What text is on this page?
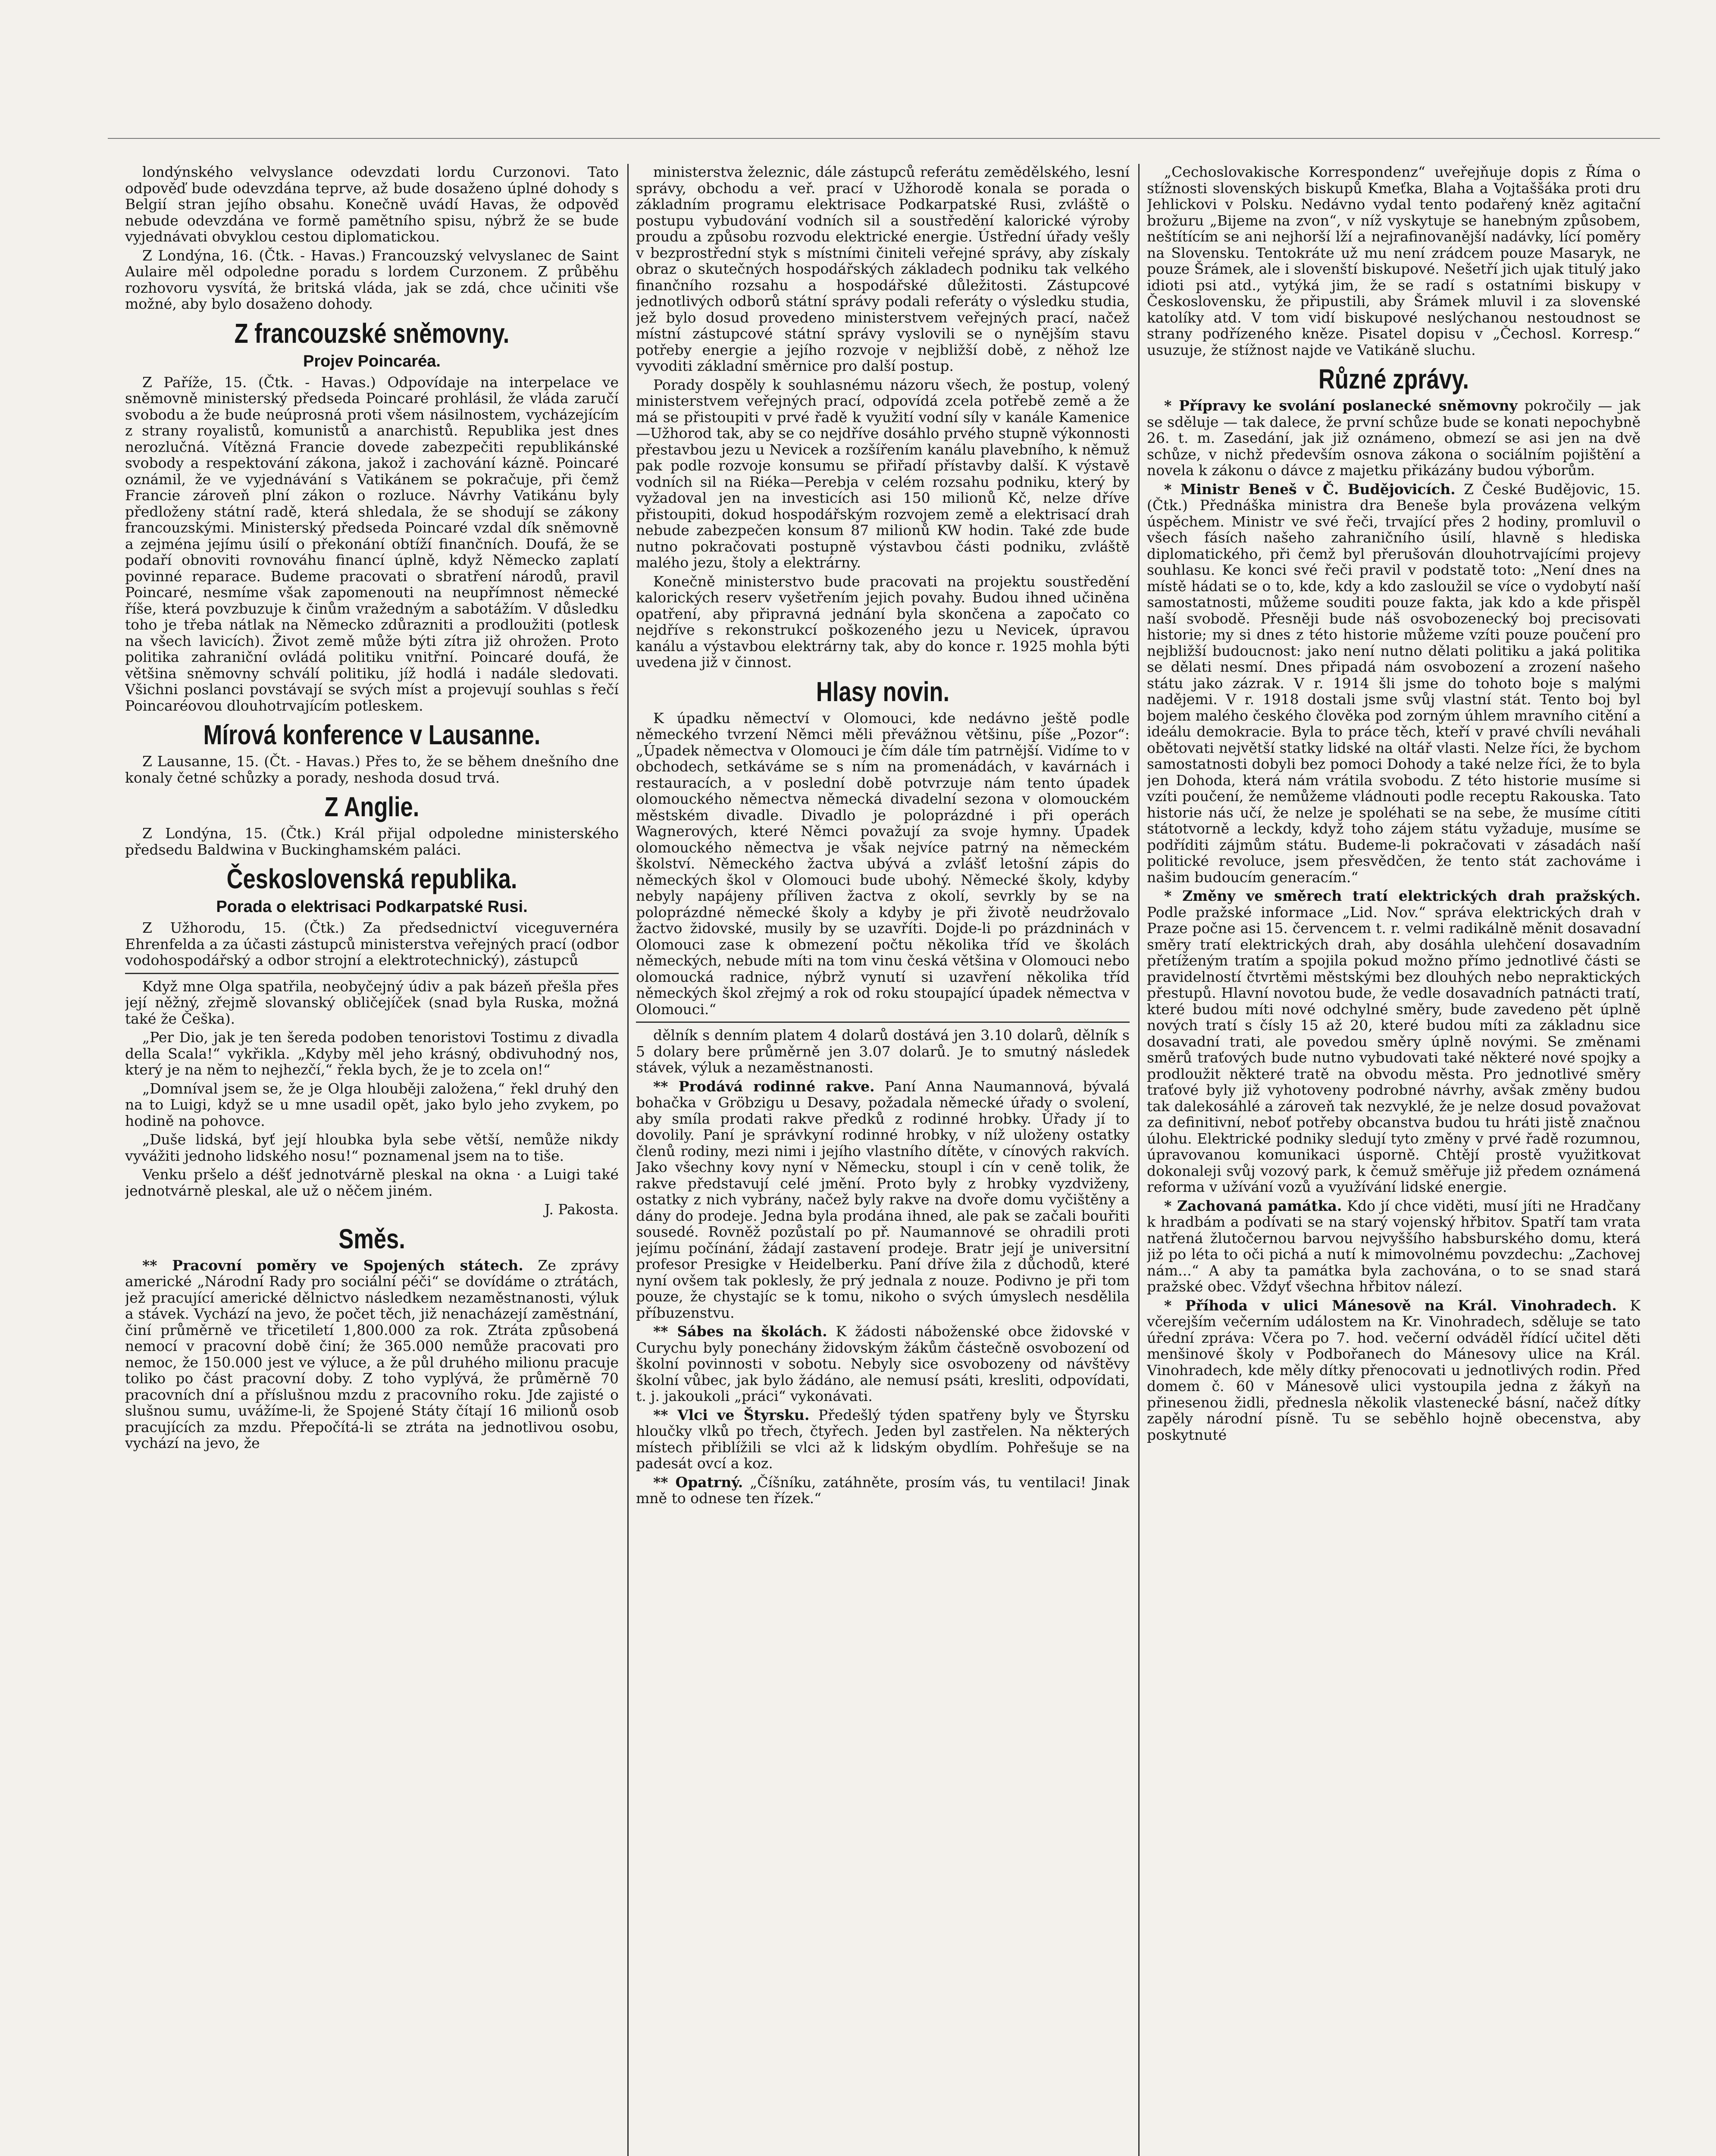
londýnského velvyslance odevzdati lordu Curzonovi. Tato odpověď bude odevzdána teprve, až bude dosaženo úplné dohody s Belgií stran jejího obsahu. Konečně uvádí Havas, že odpověď nebude odevzdána ve formě pamětního spisu, nýbrž že se bude vyjednávati obvyklou cestou diplomatickou.

Z Londýna, 16. (Čtk. - Havas.) Francouzský velvyslanec de Saint Aulaire měl odpoledne poradu s lordem Curzonem. Z průběhu rozhovoru vysvítá, že britská vláda, jak se zdá, chce učiniti vše možné, aby bylo dosaženo dohody.

Z francouzské sněmovny.
Projev Poincaréa.

Z Paříže, 15. (Čtk. - Havas.) Odpovídaje na interpelace ve sněmovně ministerský předseda Poincaré prohlásil, že vláda zaručí svobodu a že bude neúprosná proti všem násilnostem, vycházejícím z strany royalistů, komunistů a anarchistů. Republika jest dnes nerozlučná. Vítězná Francie dovede zabezpečiti republikánské svobody a respektování zákona, jakož i zachování kázně. Poincaré oznámil, že ve vyjednávání s Vatikánem se pokračuje, při čemž Francie zároveň plní zákon o rozluce. Návrhy Vatikánu byly předloženy státní radě, která shledala, že se shodují se zákony francouzskými. Ministerský předseda Poincaré vzdal dík sněmovně a zejména jejímu úsilí o překonání obtíží finančních. Doufá, že se podaří obnoviti rovnováhu financí úplně, když Německo zaplatí povinné reparace. Budeme pracovati o sbratření národů, pravil Poincaré, nesmíme však zapomenouti na neupřímnost německé říše, která povzbuzuje k činům vražedným a sabotážím. V důsledku toho je třeba nátlak na Německo zdůrazniti a prodloužiti (potlesk na všech lavicích). Život země může býti zítra již ohrožen. Proto politika zahraniční ovládá politiku vnitřní. Poincaré doufá, že většina sněmovny schválí politiku, jíž hodlá i nadále sledovati. Všichni poslanci povstávají se svých míst a projevují souhlas s řečí Poincaréovou dlouhotrvajícím potleskem.

Mírová konference v Lausanne.

Z Lausanne, 15. (Čt. - Havas.) Přes to, že se během dnešního dne konaly četné schůzky a porady, neshoda dosud trvá.

Z Anglie.

Z Londýna, 15. (Čtk.) Král přijal odpoledne ministerského předsedu Baldwina v Buckinghamském paláci.

Československá republika.
Porada o elektrisaci Podkarpatské Rusi.

Z Užhorodu, 15. (Čtk.) Za předsednictví viceguvernéra Ehrenfelda a za účasti zástupců ministerstva veřejných prací (odbor vodohospodářský a odbor strojní a elektrotechnický), zástupců

Když mne Olga spatřila, neobyčejný údiv a pak bázeň přešla přes její něžný, zřejmě slovanský obličejíček (snad byla Ruska, možná také že Češka).

„Per Dio, jak je ten šereda podoben tenoristovi Tostimu z divadla della Scala!“ vykřikla. „Kdyby měl jeho krásný, obdivuhodný nos, který je na něm to nejhezčí,“ řekla bych, že je to zcela on!“

„Domníval jsem se, že je Olga hlouběji založena,“ řekl druhý den na to Luigi, když se u mne usadil opět, jako bylo jeho zvykem, po hodině na pohovce.

„Duše lidská, byť její hloubka byla sebe větší, nemůže nikdy vyvážiti jednoho lidského nosu!“ poznamenal jsem na to tiše.

Venku pršelo a déšť jednotvárně pleskal na okna · a Luigi také jednotvárně pleskal, ale už o něčem jiném.

J. Pakosta.
Směs.

** Pracovní poměry ve Spojených státech. Ze zprávy americké „Národní Rady pro sociální péči“ se dovídáme o ztrátách, jež pracující americké dělnictvo následkem nezaměstnanosti, výluk a stávek. Vychází na jevo, že počet těch, již nenacházejí zaměstnání, činí průměrně ve třicetiletí 1,800.000 za rok. Ztráta způsobená nemocí v pracovní době činí; že 365.000 nemůže pracovati pro nemoc, že 150.000 jest ve výluce, a že půl druhého milionu pracuje toliko po část pracovní doby. Z toho vyplývá, že průměrně 70 pracovních dní a příslušnou mzdu z pracovního roku. Jde zajisté o slušnou sumu, uvážíme-li, že Spojené Státy čítají 16 milionů osob pracujících za mzdu. Přepočítá-li se ztráta na jednotlivou osobu, vychází na jevo, že

ministerstva železnic, dále zástupců referátu zemědělského, lesní správy, obchodu a veř. prací v Užhorodě konala se porada o základním programu elektrisace Podkarpatské Rusi, zvláště o postupu vybudování vodních sil a soustředění kalorické výroby proudu a způsobu rozvodu elektrické energie. Ústřední úřady vešly v bezprostřední styk s místními činiteli veřejné správy, aby získaly obraz o skutečných hospodářských základech podniku tak velkého finančního rozsahu a hospodářské důležitosti. Zástupcové jednotlivých odborů státní správy podali referáty o výsledku studia, jež bylo dosud provedeno ministerstvem veřejných prací, načež místní zástupcové státní správy vyslovili se o nynějším stavu potřeby energie a jejího rozvoje v nejbližší době, z něhož lze vyvoditi základní směrnice pro další postup.

Porady dospěly k souhlasnému názoru všech, že postup, volený ministerstvem veřejných prací, odpovídá zcela potřebě země a že má se přistoupiti v prvé řadě k využití vodní síly v kanále Kamenice—Užhorod tak, aby se co nejdříve dosáhlo prvého stupně výkonnosti přestavbou jezu u Nevicek a rozšířením kanálu plavebního, k němuž pak podle rozvoje konsumu se přiřadí přístavby další. K výstavě vodních sil na Riéka—Perebja v celém rozsahu podniku, který by vyžadoval jen na investicích asi 150 milionů Kč, nelze dříve přistoupiti, dokud hospodářským rozvojem země a elektrisací drah nebude zabezpečen konsum 87 milionů KW hodin. Také zde bude nutno pokračovati postupně výstavbou části podniku, zvláště malého jezu, štoly a elektrárny.

Konečně ministerstvo bude pracovati na projektu soustředění kalorických reserv vyšetřením jejich povahy. Budou ihned učiněna opatření, aby připravná jednání byla skončena a započato co nejdříve s rekonstrukcí poškozeného jezu u Nevicek, úpravou kanálu a výstavbou elektrárny tak, aby do konce r. 1925 mohla býti uvedena již v činnost.

Hlasy novin.

K úpadku němectví v Olomouci, kde nedávno ještě podle německého tvrzení Němci měli převážnou většinu, píše „Pozor“: „Úpadek němectva v Olomouci je čím dále tím patrnější. Vidíme to v obchodech, setkáváme se s ním na promenádách, v kavárnách i restauracích, a v poslední době potvrzuje nám tento úpadek olomouckého němectva německá divadelní sezona v olomouckém městském divadle. Divadlo je poloprázdné i při operách Wagnerových, které Němci považují za svoje hymny. Úpadek olomouckého němectva je však nejvíce patrný na německém školství. Německého žactva ubývá a zvlášť letošní zápis do německých škol v Olomouci bude ubohý. Německé školy, kdyby nebyly napájeny příliven žactva z okolí, sevrkly by se na poloprázdné německé školy a kdyby je při životě neudržovalo žactvo židovské, musily by se uzavříti. Dojde-li po prázdninách v Olomouci zase k obmezení počtu několika tříd ve školách německých, nebude míti na tom vinu česká většina v Olomouci nebo olomoucká radnice, nýbrž vynutí si uzavření několika tříd německých škol zřejmý a rok od roku stoupající úpadek němectva v Olomouci.“

dělník s denním platem 4 dolarů dostává jen 3.10 dolarů, dělník s 5 dolary bere průměrně jen 3.07 dolarů. Je to smutný následek stávek, výluk a nezaměstnanosti.

** Prodává rodinné rakve. Paní Anna Naumannová, bývalá bohačka v Gröbzigu u Desavy, požadala německé úřady o svolení, aby smíla prodati rakve předků z rodinné hrobky. Úřady jí to dovolily. Paní je správkyní rodinné hrobky, v níž uloženy ostatky členů rodiny, mezi nimi i jejího vlastního dítěte, v cínových rakvích. Jako všechny kovy nyní v Německu, stoupl i cín v ceně tolik, že rakve představují celé jmění. Proto byly z hrobky vyzdviženy, ostatky z nich vybrány, načež byly rakve na dvoře domu vyčištěny a dány do prodeje. Jedna byla prodána ihned, ale pak se začali bouřiti sousedé. Rovněž pozůstalí po př. Naumannové se ohradili proti jejímu počínání, žádají zastavení prodeje. Bratr její je universitní profesor Presigke v Heidelberku. Paní dříve žila z důchodů, které nyní ovšem tak poklesly, že prý jednala z nouze. Podivno je při tom pouze, že chystajíc se k tomu, nikoho o svých úmyslech nesdělila příbuzenstvu.

** Sábes na školách. K žádosti náboženské obce židovské v Curychu byly ponechány židovským žákům částečně osvobození od školní povinnosti v sobotu. Nebyly sice osvobozeny od návštěvy školní vůbec, jak bylo žádáno, ale nemusí psáti, kresliti, odpovídati, t. j. jakoukoli „práci“ vykonávati.

** Vlci ve Štyrsku. Předešlý týden spatřeny byly ve Štyrsku hloučky vlků po třech, čtyřech. Jeden byl zastřelen. Na některých místech přiblížili se vlci až k lidským obydlím. Pohřešuje se na padesát ovcí a koz.

** Opatrný. „Číšníku, zatáhněte, prosím vás, tu ventilaci! Jinak mně to odnese ten řízek.“

„Cechoslovakische Korrespondenz“ uveřejňuje dopis z Říma o stížnosti slovenských biskupů Kmeťka, Blaha a Vojtaššáka proti dru Jehlickovi v Polsku. Nedávno vydal tento podařený kněz agitační brožuru „Bijeme na zvon“, v níž vyskytuje se hanebným způsobem, neštítícím se ani nejhorší lží a nejrafinovanější nadávky, lící poměry na Slovensku. Tentokráte už mu není zrádcem pouze Masaryk, ne pouze Šrámek, ale i slovenští biskupové. Nešetří jich ujak titulý jako idioti psi atd., vytýká jim, že se radí s ostatními biskupy v Československu, že připustili, aby Šrámek mluvil i za slovenské katolíky atd. V tom vidí biskupové neslýchanou nestoudnost se strany podřízeného kněze. Pisatel dopisu v „Čechosl. Korresp.“ usuzuje, že stížnost najde ve Vatikáně sluchu.

Různé zprávy.

* Přípravy ke svolání poslanecké sněmovny pokročily — jak se sděluje — tak dalece, že první schůze bude se konati nepochybně 26. t. m. Zasedání, jak již oznámeno, obmezí se asi jen na dvě schůze, v nichž především osnova zákona o sociálním pojištění a novela k zákonu o dávce z majetku přikázány budou výborům.

* Ministr Beneš v Č. Budějovicích. Z České Budějovic, 15. (Čtk.) Přednáška ministra dra Beneše byla provázena velkým úspěchem. Ministr ve své řeči, trvající přes 2 hodiny, promluvil o všech fásích našeho zahraničního úsilí, hlavně s hlediska diplomatického, při čemž byl přerušován dlouhotrvajícími projevy souhlasu. Ke konci své řeči pravil v podstatě toto: „Není dnes na místě hádati se o to, kde, kdy a kdo zasloužil se více o vydobytí naší samostatnosti, můžeme souditi pouze fakta, jak kdo a kde přispěl naší svobodě. Přesněji bude náš osvobozenecký boj precisovati historie; my si dnes z této historie můžeme vzíti pouze poučení pro nejbližší budoucnost: jako není nutno dělati politiku a jaká politika se dělati nesmí. Dnes připadá nám osvobození a zrození našeho státu jako zázrak. V r. 1914 šli jsme do tohoto boje s malými nadějemi. V r. 1918 dostali jsme svůj vlastní stát. Tento boj byl bojem malého českého člověka pod zorným úhlem mravního citění a ideálu demokracie. Byla to práce těch, kteří v pravé chvíli neváhali obětovati největší statky lidské na oltář vlasti. Nelze říci, že bychom samostatnosti dobyli bez pomoci Dohody a také nelze říci, že to byla jen Dohoda, která nám vrátila svobodu. Z této historie musíme si vzíti poučení, že nemůžeme vládnouti podle receptu Rakouska. Tato historie nás učí, že nelze je spoléhati se na sebe, že musíme cítiti státotvorně a leckdy, když toho zájem státu vyžaduje, musíme se podříditi zájmům státu. Budeme-li pokračovati v zásadách naší politické revoluce, jsem přesvědčen, že tento stát zachováme i našim budoucím generacím.“

* Změny ve směrech tratí elektrických drah pražských. Podle pražské informace „Lid. Nov.“ správa elektrických drah v Praze počne asi 15. červencem t. r. velmi radikálně měnit dosavadní směry tratí elektrických drah, aby dosáhla ulehčení dosavadním přetíženým tratím a spojila pokud možno přímo jednotlivé části se pravidelností čtvrtěmi městskými bez dlouhých nebo nepraktických přestupů. Hlavní novotou bude, že vedle dosavadních patnácti tratí, které budou míti nové odchylné směry, bude zavedeno pět úplně nových tratí s čísly 15 až 20, které budou míti za základnu sice dosavadní trati, ale povedou směry úplně novými. Se změnami směrů traťových bude nutno vybudovati také některé nové spojky a prodloužit některé tratě na obvodu města. Pro jednotlivé směry traťové byly již vyhotoveny podrobné návrhy, avšak změny budou tak dalekosáhlé a zároveň tak nezvyklé, že je nelze dosud považovat za definitivní, neboť potřeby obcanstva budou tu hráti jistě značnou úlohu. Elektrické podniky sledují tyto změny v prvé řadě rozumnou, úpravovanou komunikaci úsporně. Chtějí prostě využitkovat dokonaleji svůj vozový park, k čemuž směřuje již předem oznámená reforma v užívání vozů a využívání lidské energie.

* Zachovaná památka. Kdo jí chce viděti, musí jíti ne Hradčany k hradbám a podívati se na starý vojenský hřbitov. Spatří tam vrata natřená žlutočernou barvou nejvyššího habsburského domu, která již po léta to oči pichá a nutí k mimovolnému povzdechu: „Zachovej nám...“ A aby ta památka byla zachována, o to se snad stará pražské obec. Vždyť všechna hřbitov nálezí.

* Příhoda v ulici Mánesově na Král. Vinohradech. K včerejším večerním událostem na Kr. Vinohradech, sděluje se tato úřední zpráva: Včera po 7. hod. večerní odváděl řídící učitel děti menšinové školy v Podbořanech do Mánesovy ulice na Král. Vinohradech, kde měly dítky přenocovati u jednotlivých rodin. Před domem č. 60 v Mánesově ulici vystoupila jedna z žákyň na přinesenou židli, přednesla několik vlastenecké básní, načež dítky zapěly národní písně. Tu se seběhlo hojně obecenstva, aby poskytnuté
